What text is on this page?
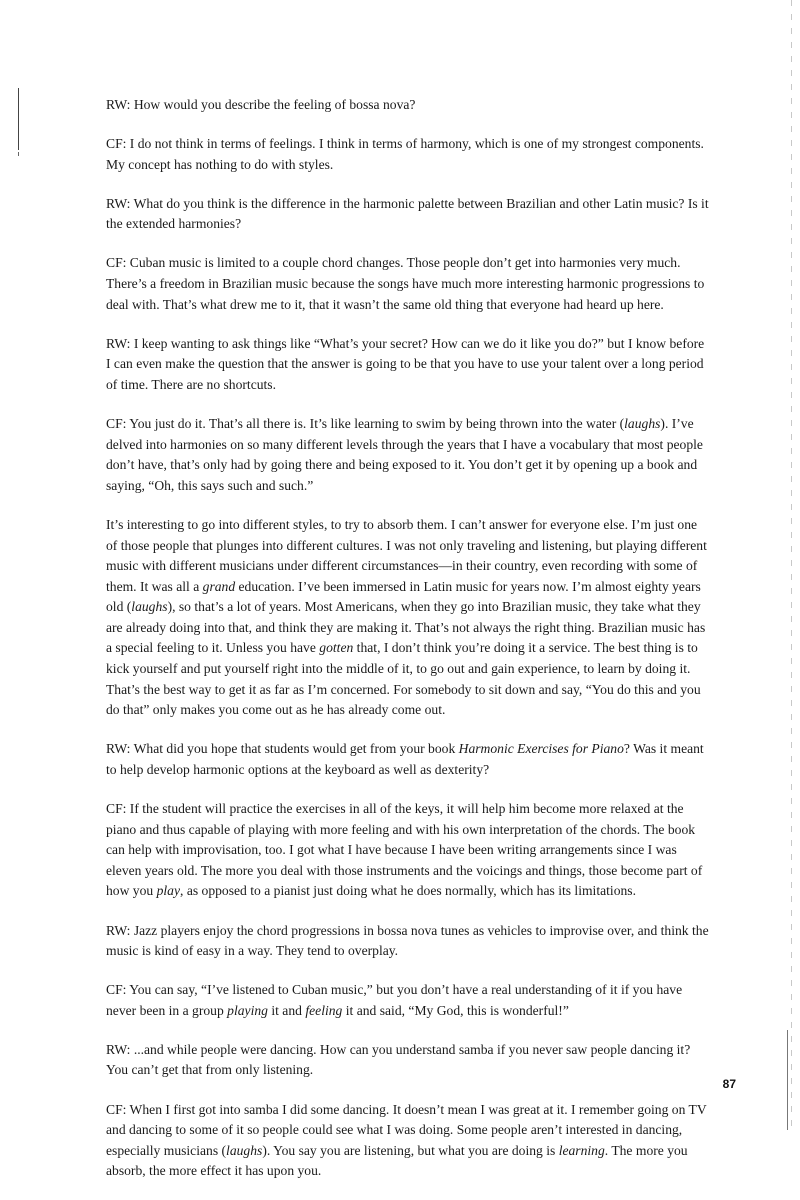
RW: How would you describe the feeling of bossa nova?

CF: I do not think in terms of feelings. I think in terms of harmony, which is one of my strongest components. My concept has nothing to do with styles.

RW: What do you think is the difference in the harmonic palette between Brazilian and other Latin music? Is it the extended harmonies?

CF: Cuban music is limited to a couple chord changes. Those people don’t get into harmonies very much. There’s a freedom in Brazilian music because the songs have much more interesting harmonic progressions to deal with. That’s what drew me to it, that it wasn’t the same old thing that everyone had heard up here.

RW: I keep wanting to ask things like “What’s your secret? How can we do it like you do?” but I know before I can even make the question that the answer is going to be that you have to use your talent over a long period of time. There are no shortcuts.

CF: You just do it. That’s all there is. It’s like learning to swim by being thrown into the water (laughs). I’ve delved into harmonies on so many different levels through the years that I have a vocabulary that most people don’t have, that’s only had by going there and being exposed to it. You don’t get it by opening up a book and saying, “Oh, this says such and such.”

It’s interesting to go into different styles, to try to absorb them. I can’t answer for everyone else. I’m just one of those people that plunges into different cultures. I was not only traveling and listening, but playing different music with different musicians under different circumstances—in their country, even recording with some of them. It was all a grand education. I’ve been immersed in Latin music for years now. I’m almost eighty years old (laughs), so that’s a lot of years. Most Americans, when they go into Brazilian music, they take what they are already doing into that, and think they are making it. That’s not always the right thing. Brazilian music has a special feeling to it. Unless you have gotten that, I don’t think you’re doing it a service. The best thing is to kick yourself and put yourself right into the middle of it, to go out and gain experience, to learn by doing it. That’s the best way to get it as far as I’m concerned. For somebody to sit down and say, “You do this and you do that” only makes you come out as he has already come out.

RW: What did you hope that students would get from your book Harmonic Exercises for Piano? Was it meant to help develop harmonic options at the keyboard as well as dexterity?

CF: If the student will practice the exercises in all of the keys, it will help him become more relaxed at the piano and thus capable of playing with more feeling and with his own interpretation of the chords. The book can help with improvisation, too. I got what I have because I have been writing arrangements since I was eleven years old. The more you deal with those instruments and the voicings and things, those become part of how you play, as opposed to a pianist just doing what he does normally, which has its limitations.

RW: Jazz players enjoy the chord progressions in bossa nova tunes as vehicles to improvise over, and think the music is kind of easy in a way. They tend to overplay.

CF: You can say, “I’ve listened to Cuban music,” but you don’t have a real understanding of it if you have never been in a group playing it and feeling it and said, “My God, this is wonderful!”

RW: ...and while people were dancing. How can you understand samba if you never saw people dancing it? You can’t get that from only listening.

CF: When I first got into samba I did some dancing. It doesn’t mean I was great at it. I remember going on TV and dancing to some of it so people could see what I was doing. Some people aren’t interested in dancing, especially musicians (laughs). You say you are listening, but what you are doing is learning. The more you absorb, the more effect it has upon you.

87
